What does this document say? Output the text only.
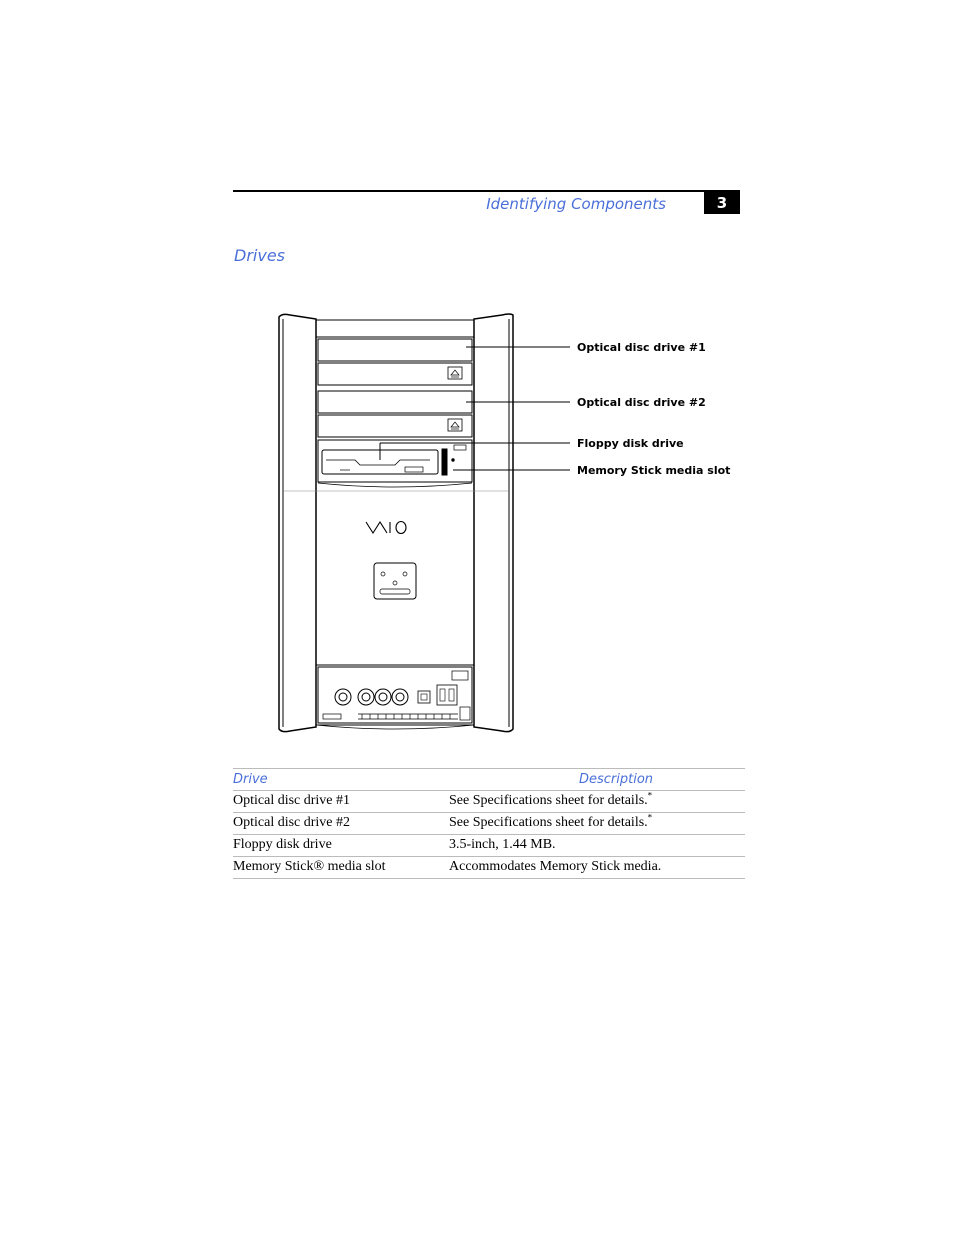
Identifying Components	3
Drives
Optical disc drive #1
Optical disc drive #2
Floppy disk drive
Memory Stick media slot
Drive	Description
Optical disc drive #1	See Specifications sheet for details.*
Optical disc drive #2	See Specifications sheet for details.*
Floppy disk drive	3.5-inch, 1.44 MB.
Memory Stick® media slot	Accommodates Memory Stick media.
